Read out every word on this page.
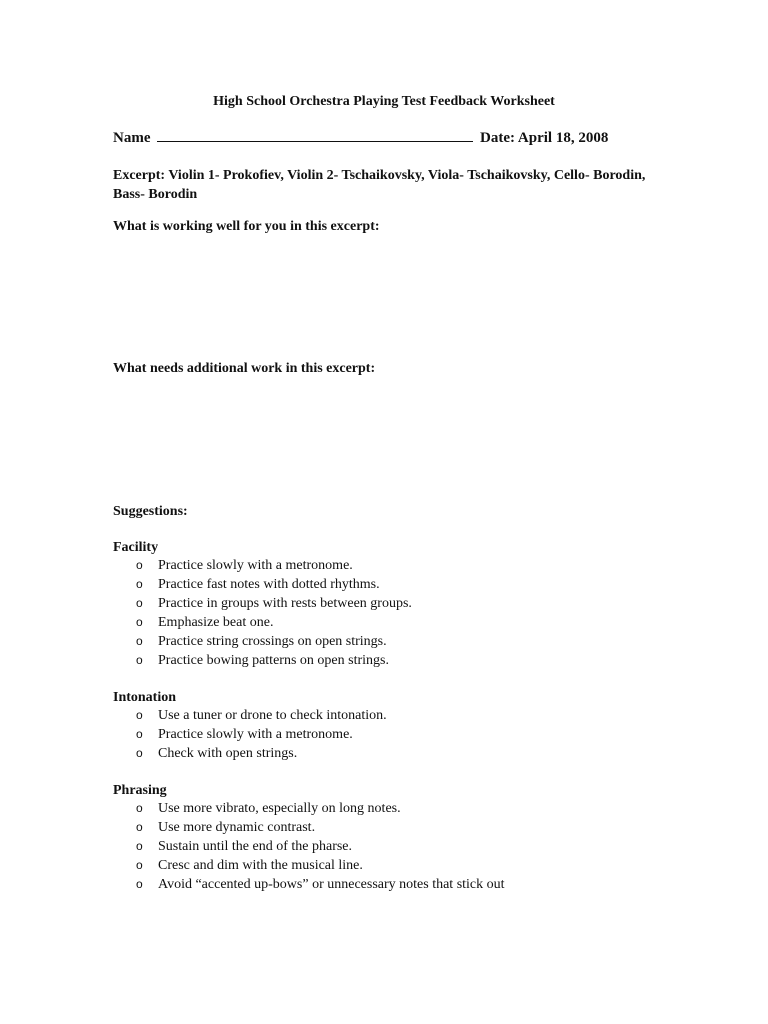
High School Orchestra Playing Test Feedback Worksheet
Name	Date: April 18, 2008
Excerpt: Violin 1- Prokofiev, Violin 2- Tschaikovsky, Viola- Tschaikovsky, Cello- Borodin, Bass- Borodin
What is working well for you in this excerpt:
What needs additional work in this excerpt:
Suggestions:
Facility
o Practice slowly with a metronome.
o Practice fast notes with dotted rhythms.
o Practice in groups with rests between groups.
o Emphasize beat one.
o Practice string crossings on open strings.
o Practice bowing patterns on open strings.
Intonation
o Use a tuner or drone to check intonation.
o Practice slowly with a metronome.
o Check with open strings.
Phrasing
o Use more vibrato, especially on long notes.
o Use more dynamic contrast.
o Sustain until the end of the pharse.
o Cresc and dim with the musical line.
o Avoid “accented up-bows” or unnecessary notes that stick out
